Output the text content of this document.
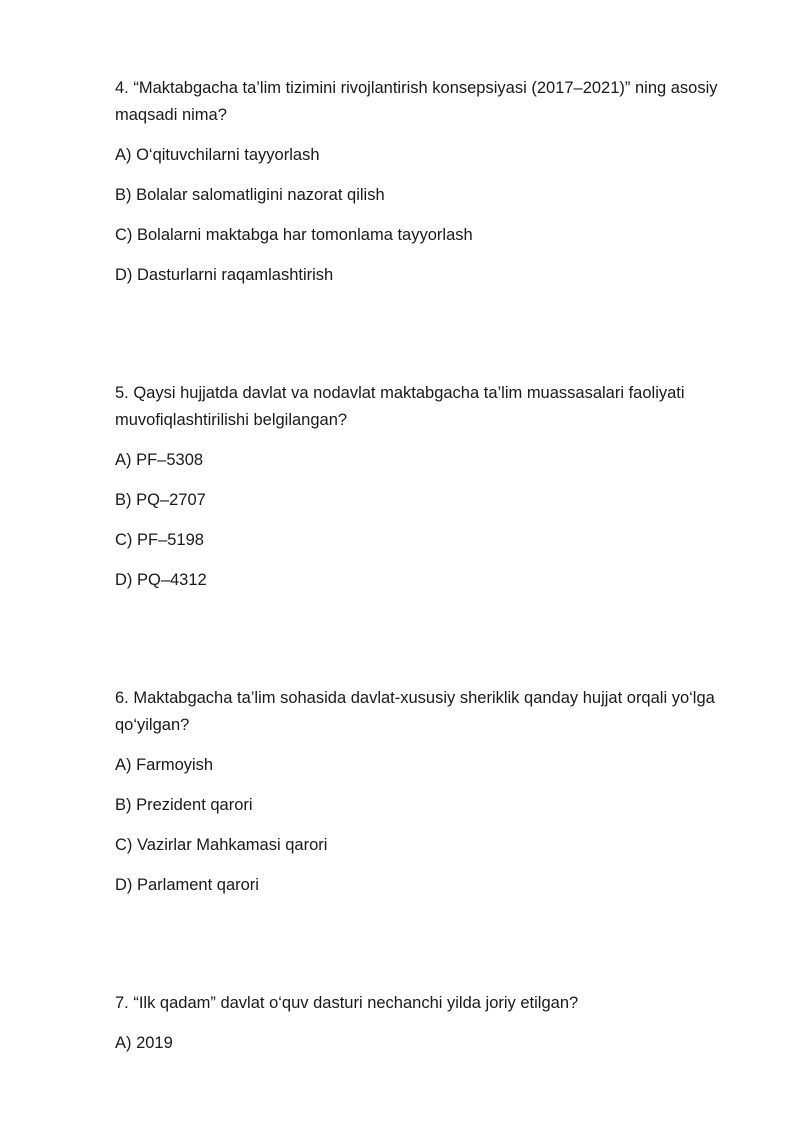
4. “Maktabgacha ta’lim tizimini rivojlantirish konsepsiyasi (2017–2021)” ning asosiy maqsadi nima?

A) O‘qituvchilarni tayyorlash
B) Bolalar salomatligini nazorat qilish
C) Bolalarni maktabga har tomonlama tayyorlash
D) Dasturlarni raqamlashtirish

5. Qaysi hujjatda davlat va nodavlat maktabgacha ta’lim muassasalari faoliyati muvofiqlashtirilishi belgilangan?

A) PF–5308
B) PQ–2707
C) PF–5198
D) PQ–4312

6. Maktabgacha ta’lim sohasida davlat-xususiy sheriklik qanday hujjat orqali yo‘lga qo‘yilgan?

A) Farmoyish
B) Prezident qarori
C) Vazirlar Mahkamasi qarori
D) Parlament qarori

7. “Ilk qadam” davlat o‘quv dasturi nechanchi yilda joriy etilgan?

A) 2019
